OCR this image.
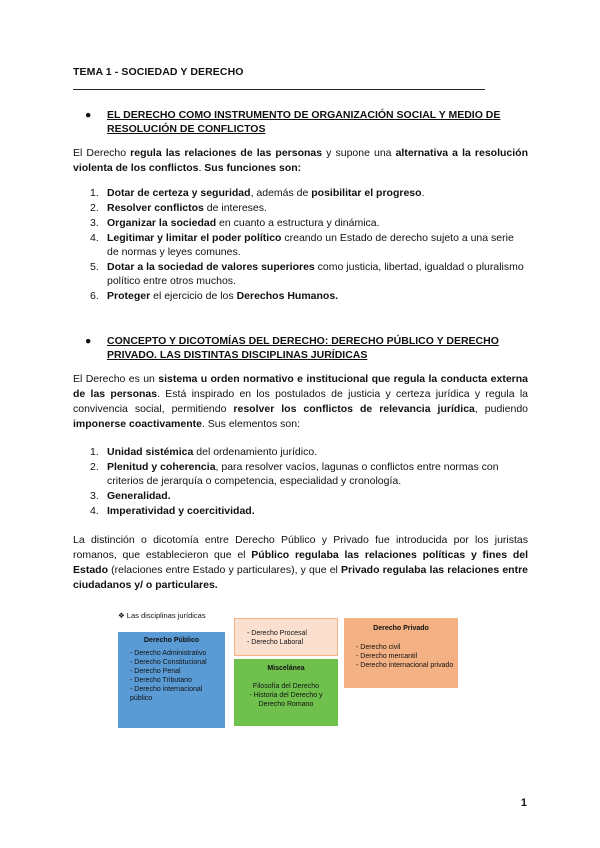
TEMA 1 - SOCIEDAD Y DERECHO
● EL DERECHO COMO INSTRUMENTO DE ORGANIZACIÓN SOCIAL Y MEDIO DE RESOLUCIÓN DE CONFLICTOS

El Derecho regula las relaciones de las personas y supone una alternativa a la resolución violenta de los conflictos. Sus funciones son:

1. Dotar de certeza y seguridad, además de posibilitar el progreso.
2. Resolver conflictos de intereses.
3. Organizar la sociedad en cuanto a estructura y dinámica.
4. Legitimar y limitar el poder político creando un Estado de derecho sujeto a una serie de normas y leyes comunes.
5. Dotar a la sociedad de valores superiores como justicia, libertad, igualdad o pluralismo político entre otros muchos.
6. Proteger el ejercicio de los Derechos Humanos.
● CONCEPTO Y DICOTOMÍAS DEL DERECHO: DERECHO PÚBLICO Y DERECHO PRIVADO. LAS DISTINTAS DISCIPLINAS JURÍDICAS

El Derecho es un sistema u orden normativo e institucional que regula la conducta externa de las personas. Está inspirado en los postulados de justicia y certeza jurídica y regula la convivencia social, permitiendo resolver los conflictos de relevancia jurídica, pudiendo imponerse coactivamente. Sus elementos son:

1. Unidad sistémica del ordenamiento jurídico.
2. Plenitud y coherencia, para resolver vacíos, lagunas o conflictos entre normas con criterios de jerarquía o competencia, especialidad y cronología.
3. Generalidad.
4. Imperatividad y coercitividad.

La distinción o dicotomía entre Derecho Público y Privado fue introducida por los juristas romanos, que establecieron que el Público regulaba las relaciones políticas y fines del Estado (relaciones entre Estado y particulares), y que el Privado regulaba las relaciones entre ciudadanos y/ o particulares.

❖ Las disciplinas jurídicas
Derecho Público
- Derecho Administrativo
- Derecho Constitucional
- Derecho Penal
- Derecho Tributario
- Derecho internacional público
- Derecho Procesal
- Derecho Laboral
Miscelánea
Filosofía del Derecho
- Historia del Derecho y Derecho Romano
Derecho Privado
- Derecho civil
- Derecho mercantil
- Derecho internacional privado
1
